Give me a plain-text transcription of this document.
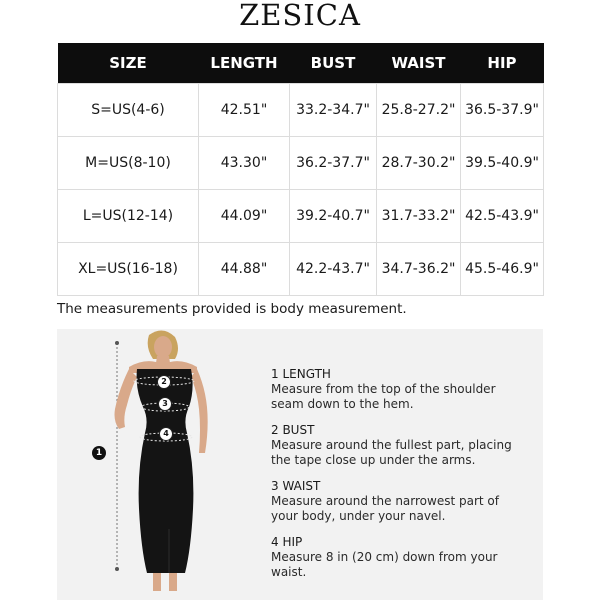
ZESICA
SIZE	LENGTH	BUST	WAIST	HIP
S=US(4-6)	42.51"	33.2-34.7"	25.8-27.2"	36.5-37.9"
M=US(8-10)	43.30"	36.2-37.7"	28.7-30.2"	39.5-40.9"
L=US(12-14)	44.09"	39.2-40.7"	31.7-33.2"	42.5-43.9"
XL=US(16-18)	44.88"	42.2-43.7"	34.7-36.2"	45.5-46.9"
The measurements provided is body measurement.
1
2
3
4
1 LENGTH
Measure from the top of the shoulder
seam down to the hem.
2 BUST
Measure around the fullest part, placing
the tape close up under the arms.
3 WAIST
Measure around the narrowest part of
your body, under your navel.
4 HIP
Measure 8 in (20 cm) down from your waist.
